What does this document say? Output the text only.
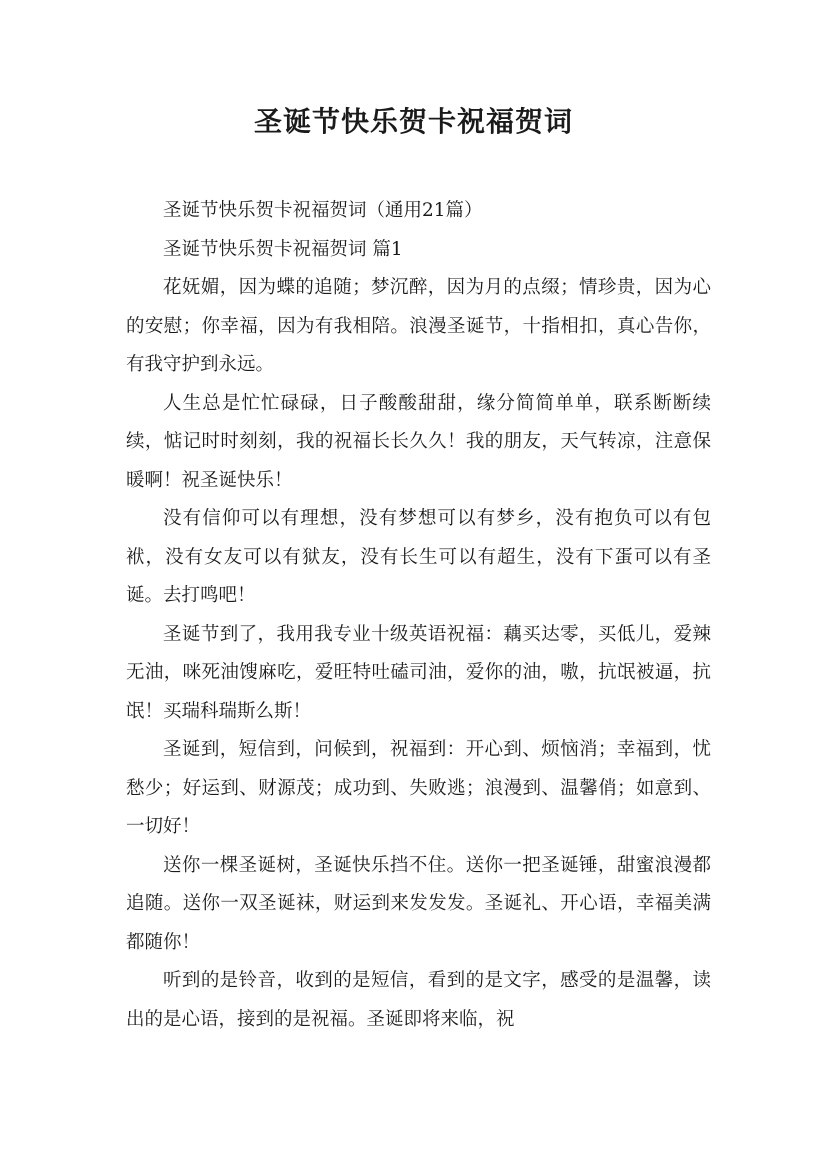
圣诞节快乐贺卡祝福贺词

圣诞节快乐贺卡祝福贺词（通用21篇）

圣诞节快乐贺卡祝福贺词 篇1

花妩媚，因为蝶的追随；梦沉醉，因为月的点缀；情珍贵，因为心的安慰；你幸福，因为有我相陪。浪漫圣诞节，十指相扣，真心告你，有我守护到永远。

人生总是忙忙碌碌，日子酸酸甜甜，缘分简简单单，联系断断续续，惦记时时刻刻，我的祝福长长久久！我的朋友，天气转凉，注意保暖啊！祝圣诞快乐！

没有信仰可以有理想，没有梦想可以有梦乡，没有抱负可以有包袱，没有女友可以有狱友，没有长生可以有超生，没有下蛋可以有圣诞。去打鸣吧！

圣诞节到了，我用我专业十级英语祝福：藕买达零，买低儿，爱辣无油，咪死油馊麻吃，爱旺特吐磕司油，爱你的油，嗷，抗氓被逼，抗氓！买瑞科瑞斯么斯！

圣诞到，短信到，问候到，祝福到：开心到、烦恼消；幸福到，忧愁少；好运到、财源茂；成功到、失败逃；浪漫到、温馨俏；如意到、一切好！

送你一棵圣诞树，圣诞快乐挡不住。送你一把圣诞锤，甜蜜浪漫都追随。送你一双圣诞袜，财运到来发发发。圣诞礼、开心语，幸福美满都随你！

听到的是铃音，收到的是短信，看到的是文字，感受的是温馨，读出的是心语，接到的是祝福。圣诞即将来临，祝
